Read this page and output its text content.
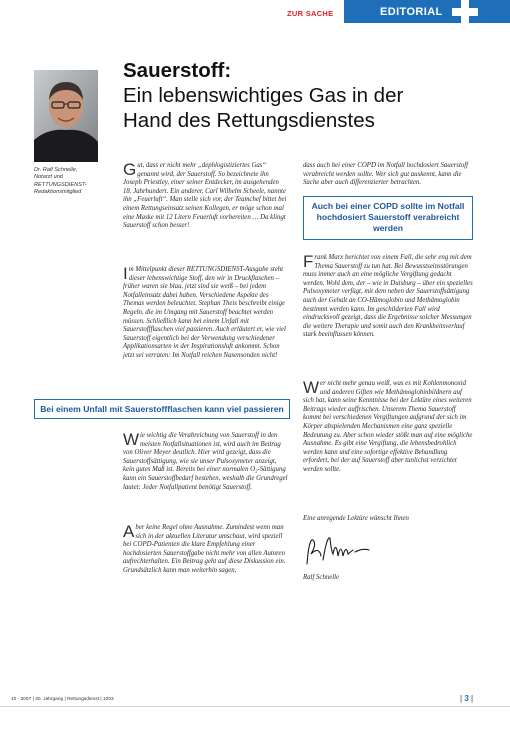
ZUR SACHE	EDITORIAL
Dr. Ralf Schnelle,
Notarzt und
RETTUNGSDIENST-
Redaktionsmitglied
Sauerstoff:
Ein lebenswichtiges Gas in der
Hand des Rettungsdienstes

Gut, dass er nicht mehr „dephlogistiziertes Gas“ genannt wird, der Sauerstoff. So bezeichnete ihn Joseph Priestley, einer seiner Entdecker, im ausgehenden 18. Jahrhundert. Ein anderer, Carl Wilhelm Scheele, nannte ihn „Feuerluft“. Man stelle sich vor, der Teamchef bittet bei einem Rettungseinsatz seinen Kollegen, er möge schon mal eine Maske mit 12 Litern Feuerluft vorbereiten … Da klingt Sauerstoff schon besser!

Im Mittelpunkt dieser RETTUNGSDIENST-Ausgabe steht dieser lebenswichtige Stoff, den wir in Druckflaschen – früher waren sie blau, jetzt sind sie weiß – bei jedem Notfalleinsatz dabei haben. Verschiedene Aspekte des Themas werden beleuchtet. Stephan Theis beschreibt einige Regeln, die im Umgang mit Sauerstoff beachtet werden müssen. Schließlich kann bei einem Unfall mit Sauerstoffflaschen viel passieren. Auch erläutert er, wie viel Sauerstoff eigentlich bei der Verwendung verschiedener Applikationsarten in der Inspirationsluft ankommt. Schon jetzt sei verraten: Im Notfall reichen Nasensonden nicht!

Bei einem Unfall mit Sauerstoffflaschen kann viel passieren

Wie wichtig die Verabreichung von Sauerstoff in den meisten Notfallsituationen ist, wird auch im Beitrag von Oliver Meyer deutlich. Hier wird gezeigt, dass die Sauerstoffsättigung, wie sie unser Pulsoxymeter anzeigt, kein gutes Maß ist. Bereits bei einer normalen O₂-Sättigung kann ein Sauerstoffbedarf bestehen, weshalb die Grundregel lautet: Jeder Notfallpatient benötigt Sauerstoff.

Aber keine Regel ohne Ausnahme. Zumindest wenn man sich in der aktuellen Literatur umschaut, wird speziell bei COPD-Patienten die klare Empfehlung einer hochdosierten Sauerstoffgabe nicht mehr von allen Autoren aufrechterhalten. Ein Beitrag geht auf diese Diskussion ein. Grundsätzlich kann man weiterhin sagen,

dass auch bei einer COPD im Notfall hochdosiert Sauerstoff verabreicht werden sollte. Wer sich gut auskennt, kann die Sache aber auch differenzierter betrachten.

Auch bei einer COPD sollte im Notfall hochdosiert Sauerstoff verabreicht werden

Frank Marx berichtet von einem Fall, die sehr eng mit dem Thema Sauerstoff zu tun hat. Bei Bewusstseinsstörungen muss immer auch an eine mögliche Vergiftung gedacht werden. Wohl dem, der – wie in Duisburg – über ein spezielles Pulsoxymeter verfügt, mit dem neben der Sauerstoffsättigung auch der Gehalt an CO-Hämoglobin und Methämoglobin bestimmt werden kann. Im geschilderten Fall wird eindrucksvoll gezeigt, dass die Ergebnisse solcher Messungen die weitere Therapie und somit auch den Krankheitsverlauf stark beeinflussen können.

Wer nicht mehr genau weiß, was es mit Kohlenmonoxid und anderen Giften wie Methämoglobinbildnern auf sich hat, kann seine Kenntnisse bei der Lektüre eines weiteren Beitrags wieder auffrischen. Unserem Thema Sauerstoff kommt bei verschiedenen Vergiftungen aufgrund der sich im Körper abspielenden Mechanismen eine ganz spezielle Bedeutung zu. Aber schon wieder stößt man auf eine mögliche Ausnahme. Es gibt eine Vergiftung, die lebensbedrohlich werden kann und eine sofortige effektive Behandlung erfordert, bei der auf Sauerstoff aber tunlichst verzichtet werden sollte.

Eine anregende Lektüre wünscht Ihnen
Ralf Schnelle
10 · 2007 | 30. Jahrgang | Rettungsdienst | 1003	| 3 |
